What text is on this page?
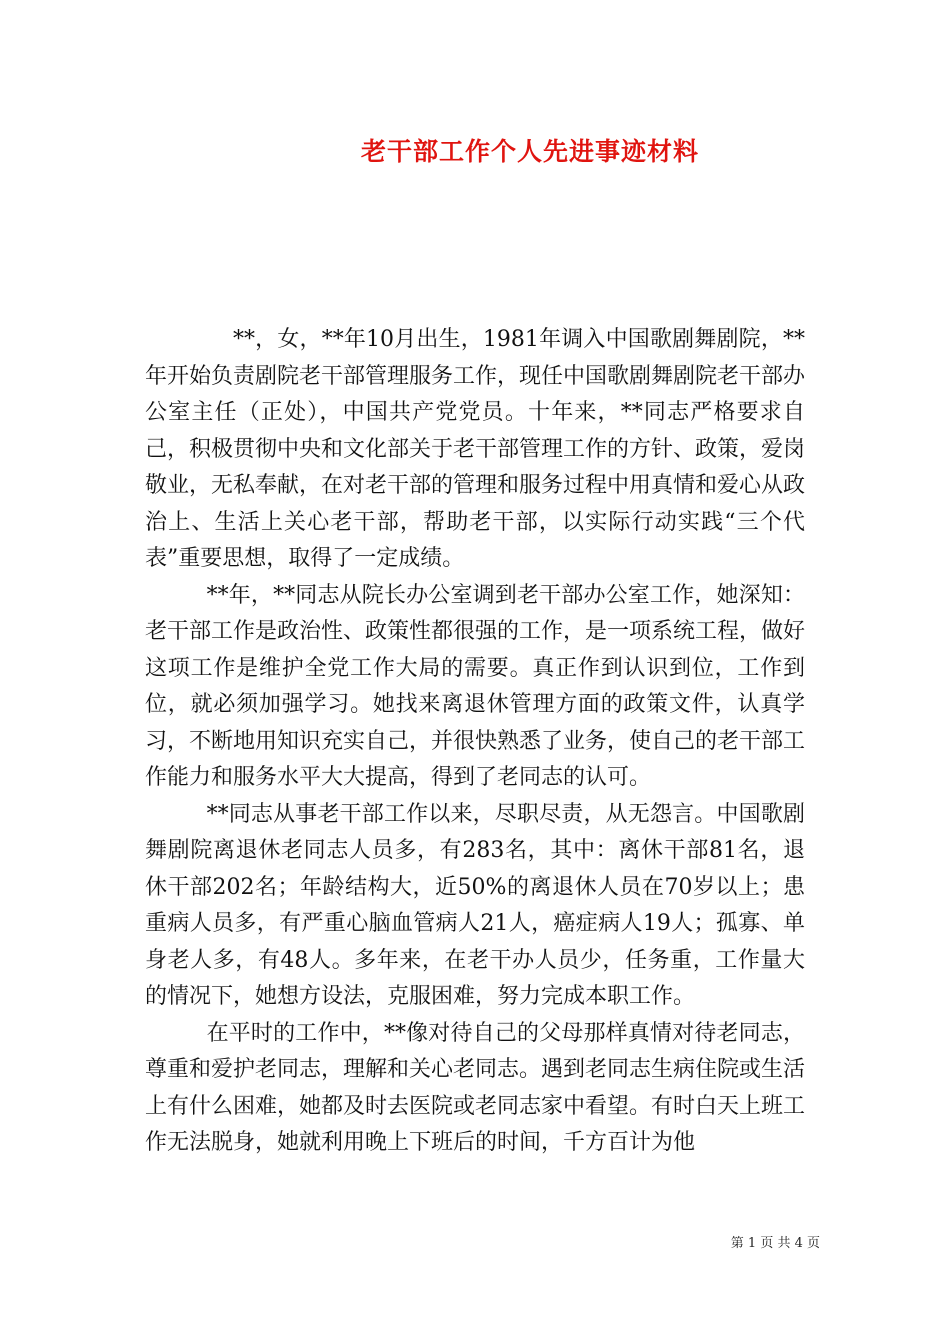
老干部工作个人先进事迹材料

**，女，**年10月出生，1981年调入中国歌剧舞剧院，**年开始负责剧院老干部管理服务工作，现任中国歌剧舞剧院老干部办公室主任（正处），中国共产党党员。十年来，**同志严格要求自己，积极贯彻中央和文化部关于老干部管理工作的方针、政策，爱岗敬业，无私奉献，在对老干部的管理和服务过程中用真情和爱心从政治上、生活上关心老干部，帮助老干部，以实际行动实践“三个代表”重要思想，取得了一定成绩。

**年，**同志从院长办公室调到老干部办公室工作，她深知：老干部工作是政治性、政策性都很强的工作，是一项系统工程，做好这项工作是维护全党工作大局的需要。真正作到认识到位，工作到位，就必须加强学习。她找来离退休管理方面的政策文件，认真学习，不断地用知识充实自己，并很快熟悉了业务，使自己的老干部工作能力和服务水平大大提高，得到了老同志的认可。

**同志从事老干部工作以来，尽职尽责，从无怨言。中国歌剧舞剧院离退休老同志人员多，有283名，其中：离休干部81名，退休干部202名；年龄结构大，近50%的离退休人员在70岁以上；患重病人员多，有严重心脑血管病人21人，癌症病人19人；孤寡、单身老人多，有48人。多年来，在老干办人员少，任务重，工作量大的情况下，她想方设法，克服困难，努力完成本职工作。

在平时的工作中，**像对待自己的父母那样真情对待老同志，尊重和爱护老同志，理解和关心老同志。遇到老同志生病住院或生活上有什么困难，她都及时去医院或老同志家中看望。有时白天上班工作无法脱身，她就利用晚上下班后的时间，千方百计为他

第 1 页 共 4 页
